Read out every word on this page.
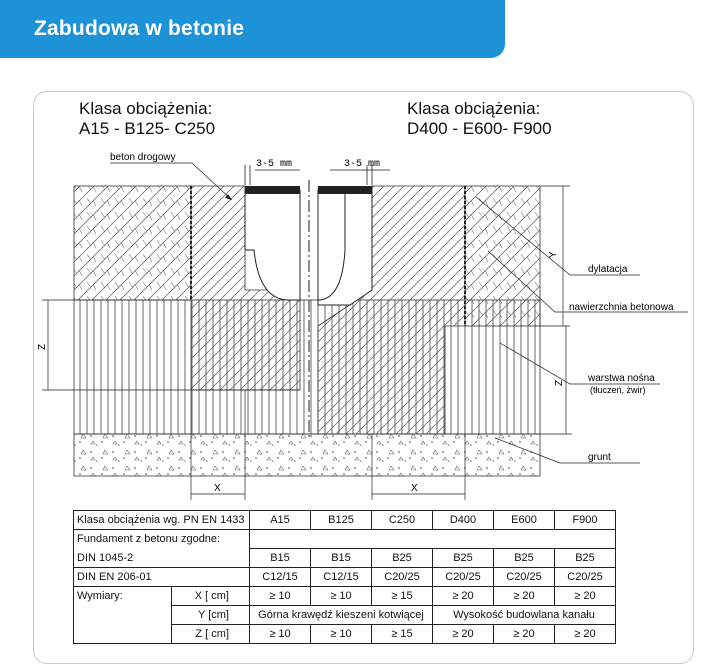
Zabudowa w betonie
Klasa obciążenia:
A15 - B125- C250
Klasa obciążenia:
D400 - E600- F900
3-5 mm	3-5 mm
beton drogowy
dylatacja
nawierzchnia betonowa
warstwa nośna
(tłuczeń, żwir)
grunt
Y
Z
Z
X	X
Klasa obciążenia wg. PN EN 1433		A15	B125	C250	D400	E600	F900
Fundament z betonu zgodne:							
DIN 1045-2		B15	B15	B25	B25	B25	B25
DIN EN 206-01		C12/15	C12/15	C20/25	C20/25	C20/25	C20/25
Wymiary:	X [ cm]	≥ 10	≥ 10	≥ 15	≥ 20	≥ 20	≥ 20
	Y [cm]	Górna krawędź kieszeni kotwiącej			Wysokość budowlana kanału		
	Z [ cm]	≥ 10	≥ 10	≥ 15	≥ 20	≥ 20	≥ 20
